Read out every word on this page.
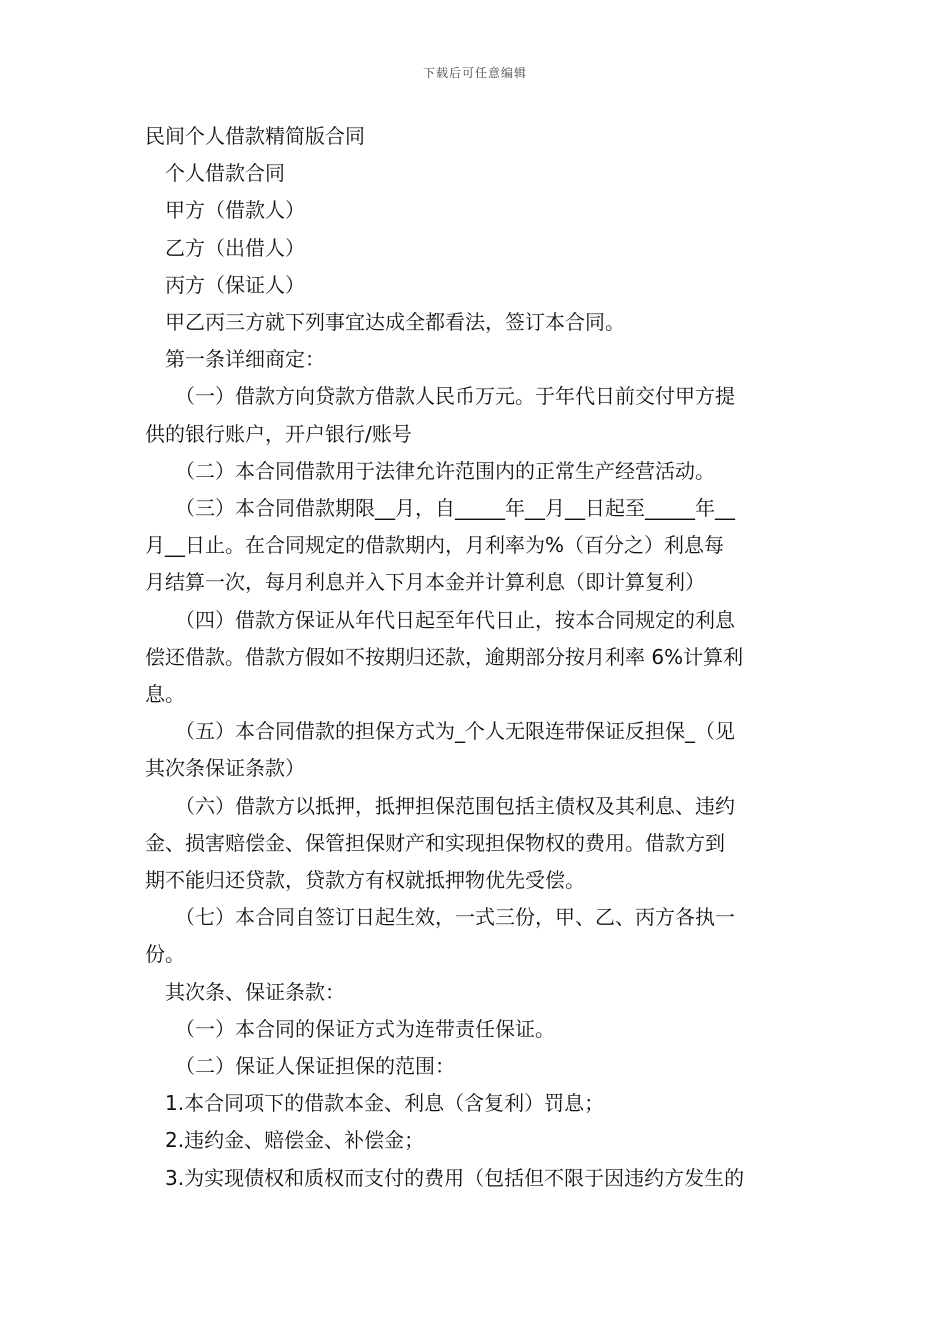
下载后可任意编辑

民间个人借款精简版合同

个人借款合同

甲方（借款人）

乙方（出借人）

丙方（保证人）

甲乙丙三方就下列事宜达成全都看法，签订本合同。

第一条详细商定：

（一）借款方向贷款方借款人民币万元。于年代日前交付甲方提

供的银行账户，开户银行/账号

（二）本合同借款用于法律允许范围内的正常生产经营活动。

（三）本合同借款期限__月，自_____年__月__日起至_____年__

月__日止。在合同规定的借款期内，月利率为%（百分之）利息每

月结算一次，每月利息并入下月本金并计算利息（即计算复利）

（四）借款方保证从年代日起至年代日止，按本合同规定的利息

偿还借款。借款方假如不按期归还款，逾期部分按月利率 6%计算利

息。

（五）本合同借款的担保方式为_个人无限连带保证反担保_（见

其次条保证条款）

（六）借款方以抵押，抵押担保范围包括主债权及其利息、违约

金、损害赔偿金、保管担保财产和实现担保物权的费用。借款方到

期不能归还贷款，贷款方有权就抵押物优先受偿。

（七）本合同自签订日起生效，一式三份，甲、乙、丙方各执一

份。

其次条、保证条款：

（一）本合同的保证方式为连带责任保证。

（二）保证人保证担保的范围：

1.本合同项下的借款本金、利息（含复利）罚息；

2.违约金、赔偿金、补偿金；

3.为实现债权和质权而支付的费用（包括但不限于因违约方发生的
